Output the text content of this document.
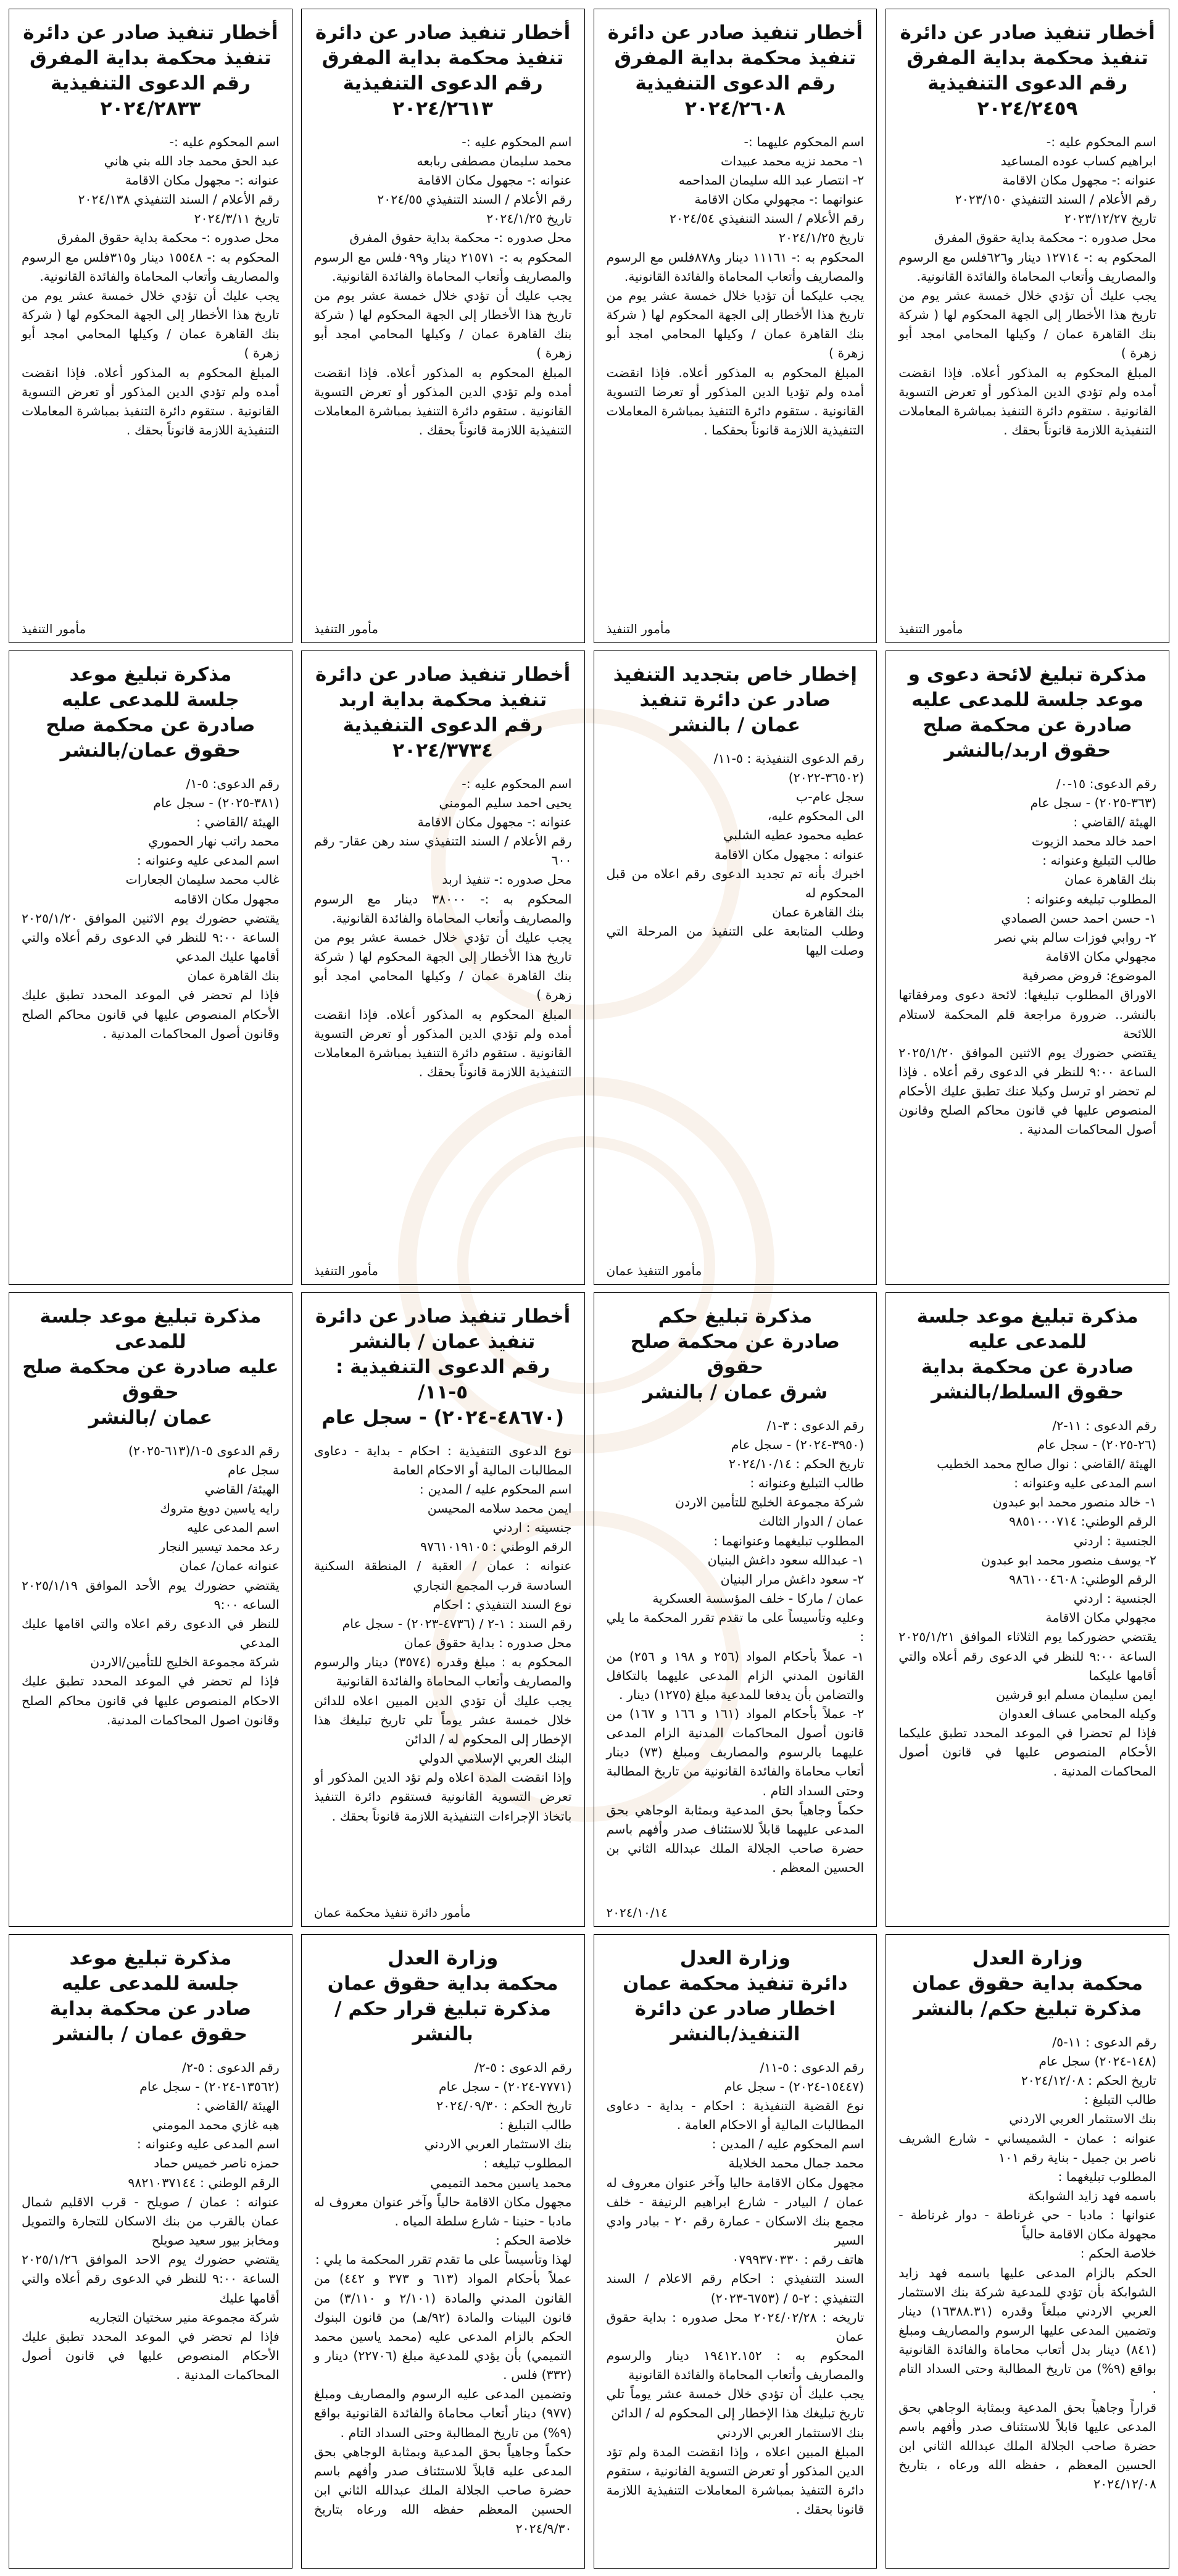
أخطار تنفيذ صادر عن دائرة
تنفيذ محكمة بداية المفرق
رقم الدعوى التنفيذية
٢٠٢٤/٢٤٥٩
اسم المحكوم عليه :-
ابراهيم كساب عوده المساعيد
عنوانه :- مجهول مكان الاقامة
رقم الأعلام / السند التنفيذي ٢٠٢٣/١٥٠
تاريخ ٢٠٢٣/١٢/٢٧
محل صدوره :- محكمة بداية حقوق المفرق
المحكوم به :- ١٢٧١٤ دينار و٦٢٦فلس مع الرسوم والمصاريف وأتعاب المحاماة والفائدة القانونية.
يجب عليك أن تؤدي خلال خمسة عشر يوم من تاريخ هذا الأخطار إلى الجهة المحكوم لها ( شركة بنك القاهرة عمان / وكيلها المحامي امجد أبو زهرة )
المبلغ المحكوم به المذكور أعلاه. فإذا انقضت أمده ولم تؤدي الدين المذكور أو تعرض التسوية القانونية . ستقوم دائرة التنفيذ بمباشرة المعاملات التنفيذية اللازمة قانوناً بحقك .
مأمور التنفيذ
أخطار تنفيذ صادر عن دائرة
تنفيذ محكمة بداية المفرق
رقم الدعوى التنفيذية
٢٠٢٤/٢٦٠٨
اسم المحكوم عليهما :-
١- محمد نزيه محمد عبيدات
٢- انتصار عبد الله سليمان المداحمه
عنوانهما :- مجهولي مكان الاقامة
رقم الأعلام / السند التنفيذي ٢٠٢٤/٥٤
تاريخ ٢٠٢٤/١/٢٥
المحكوم به :- ١١١٦١ دينار و٨٧٨فلس مع الرسوم والمصاريف وأتعاب المحاماة والفائدة القانونية.
يجب عليكما أن تؤديا خلال خمسة عشر يوم من تاريخ هذا الأخطار إلى الجهة المحكوم لها ( شركة بنك القاهرة عمان / وكيلها المحامي امجد أبو زهرة )
المبلغ المحكوم به المذكور أعلاه. فإذا انقضت أمده ولم تؤديا الدين المذكور أو تعرضا التسوية القانونية . ستقوم دائرة التنفيذ بمباشرة المعاملات التنفيذية اللازمة قانوناً بحقكما .
مأمور التنفيذ
أخطار تنفيذ صادر عن دائرة
تنفيذ محكمة بداية المفرق
رقم الدعوى التنفيذية
٢٠٢٤/٢٦١٣
اسم المحكوم عليه :-
محمد سليمان مصطفى ربابعه
عنوانه :- مجهول مكان الاقامة
رقم الأعلام / السند التنفيذي ٢٠٢٤/٥٥
تاريخ ٢٠٢٤/١/٢٥
محل صدوره :- محكمة بداية حقوق المفرق
المحكوم به :- ٢١٥٧١ دينار و٠٩٩فلس مع الرسوم والمصاريف وأتعاب المحاماة والفائدة القانونية.
يجب عليك أن تؤدي خلال خمسة عشر يوم من تاريخ هذا الأخطار إلى الجهة المحكوم لها ( شركة بنك القاهرة عمان / وكيلها المحامي امجد أبو زهرة )
المبلغ المحكوم به المذكور أعلاه. فإذا انقضت أمده ولم تؤدي الدين المذكور أو تعرض التسوية القانونية . ستقوم دائرة التنفيذ بمباشرة المعاملات التنفيذية اللازمة قانوناً بحقك .
مأمور التنفيذ
أخطار تنفيذ صادر عن دائرة
تنفيذ محكمة بداية المفرق
رقم الدعوى التنفيذية
٢٠٢٤/٢٨٣٣
اسم المحكوم عليه :-
عبد الحق محمد جاد الله بني هاني
عنوانه :- مجهول مكان الاقامة
رقم الأعلام / السند التنفيذي ٢٠٢٤/١٣٨
تاريخ ٢٠٢٤/٣/١١
محل صدوره :- محكمة بداية حقوق المفرق
المحكوم به :- ١٥٥٤٨ دينار و٣١٥فلس مع الرسوم والمصاريف وأتعاب المحاماة والفائدة القانونية.
يجب عليك أن تؤدي خلال خمسة عشر يوم من تاريخ هذا الأخطار إلى الجهة المحكوم لها ( شركة بنك القاهرة عمان / وكيلها المحامي امجد أبو زهرة )
المبلغ المحكوم به المذكور أعلاه. فإذا انقضت أمده ولم تؤدي الدين المذكور أو تعرض التسوية القانونية . ستقوم دائرة التنفيذ بمباشرة المعاملات التنفيذية اللازمة قانوناً بحقك .
مأمور التنفيذ
مذكرة تبليغ لائحة دعوى و
موعد جلسة للمدعى عليه
صادرة عن محكمة صلح
حقوق اربد/بالنشر
رقم الدعوى: ١٥-٠/
(٣٦٣-٢٠٢٥) - سجل عام
الهيئة /القاضي :
احمد خالد محمد الزيوت
طالب التبليغ وعنوانه :
بنك القاهرة عمان
المطلوب تبليغه وعنوانه :
١- حسن احمد حسن الصمادي
٢- روابي فوزات سالم بني نصر
مجهولي مكان الاقامة
الموضوع: قروض مصرفية
الاوراق المطلوب تبليغها: لائحة دعوى ومرفقاتها بالنشر.. ضرورة مراجعة قلم المحكمة لاستلام اللائحة
يقتضي حضورك يوم الاثنين الموافق ٢٠٢٥/١/٢٠ الساعة ٩:٠٠ للنظر في الدعوى رقم أعلاه . فإذا لم تحضر او ترسل وكيلا عنك تطبق عليك الأحكام المنصوص عليها في قانون محاكم الصلح وقانون أصول المحاكمات المدنية .
إخطار خاص بتجديد التنفيذ
صادر عن دائرة تنفيذ
عمان / بالنشر
رقم الدعوى التنفيذية : ٥-١١/
(٣٦٥٠٢-٢٠٢٢)
سجل عام-ب
الى المحكوم عليه،
عطيه محمود عطيه الشلبي
عنوانه : مجهول مكان الاقامة
اخبرك بأنه تم تجديد الدعوى رقم اعلاه من قبل المحكوم له
بنك القاهرة عمان
وطلب المتابعة على التنفيذ من المرحلة التي وصلت اليها
مأمور التنفيذ عمان
أخطار تنفيذ صادر عن دائرة
تنفيذ محكمة بداية اربد
رقم الدعوى التنفيذية
٢٠٢٤/٣٧٣٤
اسم المحكوم عليه :-
يحيى احمد سليم المومني
عنوانه :- مجهول مكان الاقامة
رقم الأعلام / السند التنفيذي سند رهن عقار- رقم ٦٠٠
محل صدوره :- تنفيذ اربد
المحكوم به :- ٣٨٠٠٠ دينار مع الرسوم والمصاريف وأتعاب المحاماة والفائدة القانونية.
يجب عليك أن تؤدي خلال خمسة عشر يوم من تاريخ هذا الأخطار إلى الجهة المحكوم لها ( شركة بنك القاهرة عمان / وكيلها المحامي امجد أبو زهرة )
المبلغ المحكوم به المذكور أعلاه. فإذا انقضت أمده ولم تؤدي الدين المذكور أو تعرض التسوية القانونية . ستقوم دائرة التنفيذ بمباشرة المعاملات التنفيذية اللازمة قانوناً بحقك .
مأمور التنفيذ
مذكرة تبليغ موعد
جلسة للمدعى عليه
صادرة عن محكمة صلح
حقوق عمان/بالنشر
رقم الدعوى: ٥-١/
(٣٨١-٢٠٢٥) - سجل عام
الهيئة /القاضي :
محمد راتب نهار الحموري
اسم المدعى عليه وعنوانه :
غالب محمد سليمان الجعارات
مجهول مكان الاقامه
يقتضي حضورك يوم الاثنين الموافق ٢٠٢٥/١/٢٠ الساعة ٩:٠٠ للنظر في الدعوى رقم أعلاه والتي أقامها عليك المدعي
بنك القاهرة عمان
فإذا لم تحضر في الموعد المحدد تطبق عليك الأحكام المنصوص عليها في قانون محاكم الصلح وقانون أصول المحاكمات المدنية .
مذكرة تبليغ موعد جلسة
للمدعى عليه
صادرة عن محكمة بداية
حقوق السلط/بالنشر
رقم الدعوى : ١١-٢/
(٢٦-٢٠٢٥) - سجل عام
الهيئة /القاضي : نوال صالح محمد الخطيب
اسم المدعى عليه وعنوانه :
١- خالد منصور محمد ابو عبدون
الرقم الوطني: ٩٨٥١٠٠٠٧١٤
الجنسية : اردني
٢- يوسف منصور محمد ابو عبدون
الرقم الوطني: ٩٨٦١٠٠٤٦٠٨
الجنسية : اردني
مجهولي مكان الاقامة
يقتضي حضوركما يوم الثلاثاء الموافق ٢٠٢٥/١/٢١ الساعة ٩:٠٠ للنظر في الدعوى رقم أعلاه والتي أقامها عليكما
ايمن سليمان مسلم ابو قرشين
وكيله المحامي عساف العدوان
فإذا لم تحضرا في الموعد المحدد تطبق عليكما الأحكام المنصوص عليها في قانون أصول المحاكمات المدنية .
مذكرة تبليغ حكم
صادرة عن محكمة صلح حقوق
شرق عمان / بالنشر
رقم الدعوى : ٣-١/
(٣٩٥٠-٢٠٢٤) - سجل عام
تاريخ الحكم : ٢٠٢٤/١٠/١٤
طالب التبليغ وعنوانه :
شركة مجموعة الخليج للتأمين الاردن
عمان / الدوار الثالث
المطلوب تبليغهما وعنوانهما :
١- عبدالله سعود داغش البنيان
٢- سعود داغش مرار البنيان
عمان / ماركا - خلف المؤسسة العسكرية
وعليه وتأسيساً على ما تقدم تقرر المحكمة ما يلي :
١- عملاً بأحكام المواد (٢٥٦ و ١٩٨ و ٢٥٦) من القانون المدني الزام المدعى عليهما بالتكافل والتضامن بأن يدفعا للمدعية مبلغ (١٢٧٥) دينار .
٢- عملاً بأحكام المواد (١٦١ و ١٦٦ و ١٦٧) من قانون أصول المحاكمات المدنية الزام المدعى عليهما بالرسوم والمصاريف ومبلغ (٧٣) دينار أتعاب محاماة والفائدة القانونية من تاريخ المطالبة وحتى السداد التام .
حكماً وجاهياً بحق المدعية وبمثابة الوجاهي بحق المدعى عليهما قابلاً للاستئناف صدر وأفهم باسم حضرة صاحب الجلالة الملك عبدالله الثاني بن الحسين المعظم .
٢٠٢٤/١٠/١٤
أخطار تنفيذ صادر عن دائرة
تنفيذ عمان / بالنشر
رقم الدعوى التنفيذية : ٥-١١/
(٤٨٦٧٠-٢٠٢٤) - سجل عام
نوع الدعوى التنفيذية : احكام - بداية - دعاوى المطالبات المالية أو الاحكام العامة
اسم المحكوم عليه / المدين :
ايمن محمد سلامه المحيسن
جنسيته : اردني
الرقم الوطني : ٩٧٦١٠١٩١٠٥
عنوانه : عمان / العقبة / المنطقة السكنية السادسة قرب المجمع التجاري
نوع السند التنفيذي : احكام
رقم السند : ١-٢ / (٤٧٣٦-٢٠٢٣) - سجل عام
محل صدوره : بداية حقوق عمان
المحكوم به : مبلغ وقدره (٣٥٧٤) دينار والرسوم والمصاريف وأتعاب المحاماة والفائدة القانونية
يجب عليك أن تؤدي الدين المبين اعلاه للدائن خلال خمسة عشر يوماً تلي تاريخ تبليغك هذا الإخطار إلى المحكوم له / الدائن
البنك العربي الإسلامي الدولي
وإذا انقضت المدة اعلاه ولم تؤد الدين المذكور أو تعرض التسوية القانونية فستقوم دائرة التنفيذ باتخاذ الإجراءات التنفيذية اللازمة قانوناً بحقك .
مأمور دائرة تنفيذ محكمة عمان
مذكرة تبليغ موعد جلسة للمدعى
عليه صادرة عن محكمة صلح حقوق
عمان /بالنشر
رقم الدعوى ٥-١/(٦١٣-٢٠٢٥)
سجل عام
الهيئة/ القاضي
رايه ياسين دويغ متروك
اسم المدعى عليه
رعد محمد تيسير النجار
عنوانه عمان/ عمان
يقتضي حضورك يوم الأحد الموافق ٢٠٢٥/١/١٩ الساعه ٩:٠٠
للنظر في الدعوى رقم اعلاه والتي اقامها عليك المدعي
شركة مجموعة الخليج للتأمين/الاردن
فإذا لم تحضر في الموعد المحدد تطبق عليك الاحكام المنصوص عليها في قانون محاكم الصلح وقانون اصول المحاكمات المدنية.
وزارة العدل
محكمة بداية حقوق عمان
مذكرة تبليغ حكم/ بالنشر
رقم الدعوى : ١١-٥/
(١٤٨-٢٠٢٤) سجل عام
تاريخ الحكم : ٢٠٢٤/١٢/٠٨
طالب التبليغ :
بنك الاستثمار العربي الاردني
عنوانه : عمان - الشميساني - شارع الشريف ناصر بن جميل - بناية رقم ١٠١
المطلوب تبليغهما :
باسمه فهد زايد الشوابكة
عنوانها : مادبا - حي غرناطة - دوار غرناطة - مجهولة مكان الاقامة حالياً
خلاصة الحكم :
الحكم بالزام المدعى عليها باسمه فهد زايد الشوابكة بأن تؤدي للمدعية شركة بنك الاستثمار العربي الاردني مبلغاً وقدره (١٦٣٨٨.٣١) دينار وتضمين المدعى عليها الرسوم والمصاريف ومبلغ (٨٤١) دينار بدل أتعاب محاماة والفائدة القانونية بواقع (٩%) من تاريخ المطالبة وحتى السداد التام .
قراراً وجاهياً بحق المدعية وبمثابة الوجاهي بحق المدعى عليها قابلاً للاستئناف صدر وأفهم باسم حضرة صاحب الجلالة الملك عبدالله الثاني ابن الحسين المعظم ، حفظه الله ورعاه ، بتاريخ ٢٠٢٤/١٢/٠٨
وزارة العدل
دائرة تنفيذ محكمة عمان
اخطار صادر عن دائرة التنفيذ/بالنشر
رقم الدعوى : ٥-١١/
(١٥٤٤٧-٢٠٢٤) - سجل عام
نوع القضية التنفيذية : احكام - بداية - دعاوى المطالبات المالية أو الاحكام العامة .
اسم المحكوم عليه / المدين :
محمد جمال محمد الخلايلة
مجهول مكان الاقامة حاليا وآخر عنوان معروف له عمان / البيادر - شارع ابراهيم الرنيفة - خلف مجمع بنك الاسكان - عمارة رقم ٢٠ - بيادر وادي السير
هاتف رقم : ٠٧٩٩٣٧٠٣٣٠
السند التنفيذي : احكام رقم الاعلام / السند التنفيذي : ٢-٥ / (٦٧٥٣-٢٠٢٣)
تاريخه : ٢٠٢٤/٠٢/٢٨ محل صدوره : بداية حقوق عمان
المحكوم به : ١٩٤١٢.١٥٢ دينار والرسوم والمصاريف وأتعاب المحاماة والفائدة القانونية
يجب عليك أن تؤدي خلال خمسة عشر يوماً تلي تاريخ تبليغك هذا الإخطار إلى المحكوم له / الدائن
بنك الاستثمار العربي الاردني
المبلغ المبين اعلاه ، وإذا انقضت المدة ولم تؤد الدين المذكور أو تعرض التسوية القانونية ، ستقوم دائرة التنفيذ بمباشرة المعاملات التنفيذية اللازمة قانونا بحقك .
وزارة العدل
محكمة بداية حقوق عمان
مذكرة تبليغ قرار حكم / بالنشر
رقم الدعوى : ٥-٢/
(٧٧٧١-٢٠٢٤) - سجل عام
تاريخ الحكم : ٢٠٢٤/٠٩/٣٠
طالب التبليغ :
بنك الاستثمار العربي الاردني
المطلوب تبليغه :
محمد ياسين محمد التميمي
مجهول مكان الاقامة حالياً وآخر عنوان معروف له مادبا - حنينا - شارع سلطة المياه .
خلاصة الحكم :
لهذا وتأسيساً على ما تقدم تقرر المحكمة ما يلي :
عملاً بأحكام المواد (٦١٣ و ٣٧٣ و ٤٤٢) من القانون المدني والمادة (٢/١٠١ و ٣/١١٠) من قانون البينات والمادة (٩٢/هـ) من قانون البنوك الحكم بالزام المدعى عليه (محمد ياسين محمد التميمي) بأن يؤدي للمدعية مبلغ (٢٢٧٠٦) دينار و (٣٣٢) فلس .
وتضمين المدعى عليه الرسوم والمصاريف ومبلغ (٩٧٧) دينار أتعاب محاماة والفائدة القانونية بواقع (٩%) من تاريخ المطالبة وحتى السداد التام .
حكماً وجاهياً بحق المدعية وبمثابة الوجاهي بحق المدعى عليه قابلاً للاستئناف صدر وأفهم باسم حضرة صاحب الجلالة الملك عبدالله الثاني ابن الحسين المعظم حفظه الله ورعاه بتاريخ ٢٠٢٤/٩/٣٠
مذكرة تبليغ موعد
جلسة للمدعى عليه
صادر عن محكمة بداية
حقوق عمان / بالنشر
رقم الدعوى : ٥-٢/
(١٣٥٦٢-٢٠٢٤) - سجل عام
الهيئة /القاضي :
هبه غازي محمد المومني
اسم المدعى عليه وعنوانه :
حمزه ناصر خميس حماد
الرقم الوطني : ٩٨٢١٠٣٧١٤٤
عنوانه : عمان / صويلح - قرب الاقليم شمال عمان بالقرب من بنك الاسكان للتجارة والتمويل ومخابز بيور سعيد صويلح
يقتضي حضورك يوم الاحد الموافق ٢٠٢٥/١/٢٦ الساعة ٩:٠٠ للنظر في الدعوى رقم أعلاه والتي أقامها عليك
شركة مجموعة منير سختيان التجاريه
فإذا لم تحضر في الموعد المحدد تطبق عليك الأحكام المنصوص عليها في قانون أصول المحاكمات المدنية .
